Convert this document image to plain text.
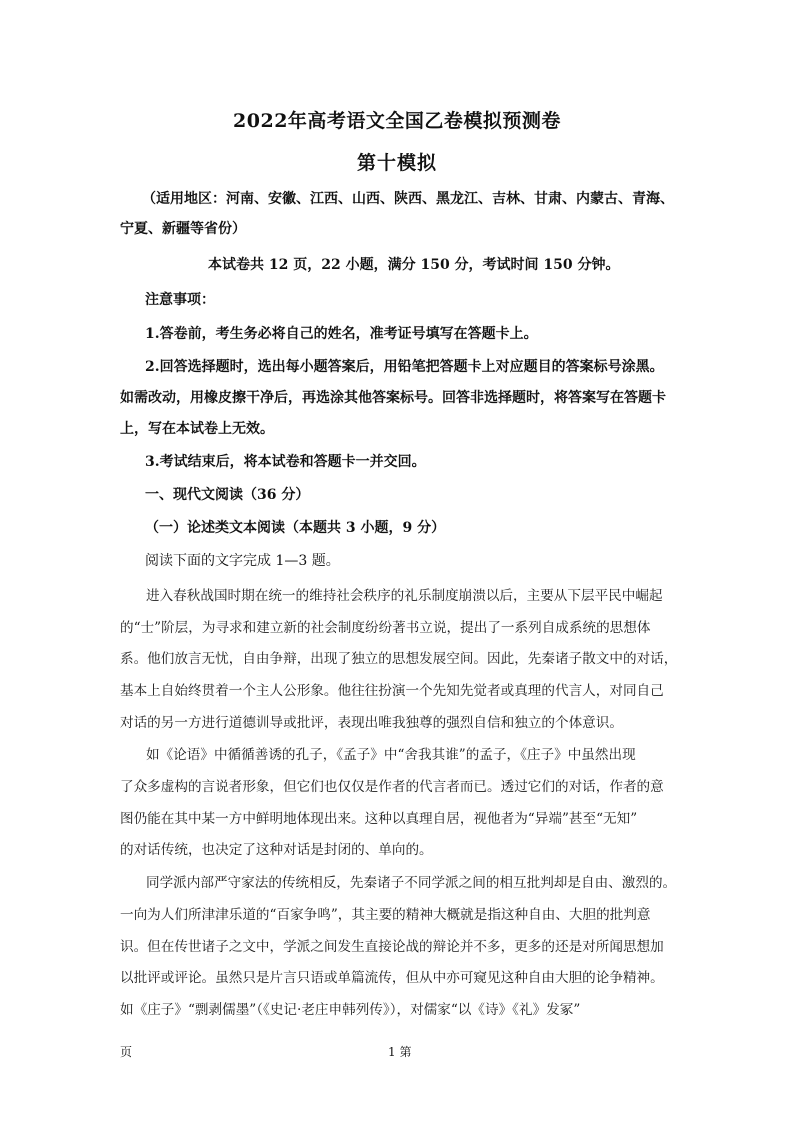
2022年高考语文全国乙卷模拟预测卷
第十模拟
（适用地区：河南、安徽、江西、山西、陕西、黑龙江、吉林、甘肃、内蒙古、青海、
宁夏、新疆等省份）
本试卷共 12 页，22 小题，满分 150 分，考试时间 150 分钟。
注意事项：
1.答卷前，考生务必将自己的姓名，准考证号填写在答题卡上。
2.回答选择题时，选出每小题答案后，用铅笔把答题卡上对应题目的答案标号涂黑。
如需改动，用橡皮擦干净后，再选涂其他答案标号。回答非选择题时，将答案写在答题卡
上，写在本试卷上无效。
3.考试结束后，将本试卷和答题卡一并交回。
一、现代文阅读（36 分）
（一）论述类文本阅读（本题共 3 小题，9 分）
阅读下面的文字完成 1—3 题。
进入春秋战国时期在统一的维持社会秩序的礼乐制度崩溃以后，主要从下层平民中崛起
的“士”阶层，为寻求和建立新的社会制度纷纷著书立说，提出了一系列自成系统的思想体
系。他们放言无忧，自由争辩，出现了独立的思想发展空间。因此，先秦诸子散文中的对话，
基本上自始终贯着一个主人公形象。他往往扮演一个先知先觉者或真理的代言人，对同自己
对话的另一方进行道德训导或批评，表现出唯我独尊的强烈自信和独立的个体意识。
如《论语》中循循善诱的孔子，《孟子》中“舍我其谁”的孟子，《庄子》中虽然出现
了众多虚构的言说者形象，但它们也仅仅是作者的代言者而已。透过它们的对话，作者的意
图仍能在其中某一方中鲜明地体现出来。这种以真理自居，视他者为“异端”甚至“无知”
的对话传统，也决定了这种对话是封闭的、单向的。
同学派内部严守家法的传统相反，先秦诸子不同学派之间的相互批判却是自由、激烈的。
一向为人们所津津乐道的“百家争鸣”，其主要的精神大概就是指这种自由、大胆的批判意
识。但在传世诸子之文中，学派之间发生直接论战的辩论并不多，更多的还是对所闻思想加
以批评或评论。虽然只是片言只语或单篇流传，但从中亦可窥见这种自由大胆的论争精神。
如《庄子》“剽剥儒墨”（《史记·老庄申韩列传》），对儒家“以《诗》《礼》发冢”
页	1 第
